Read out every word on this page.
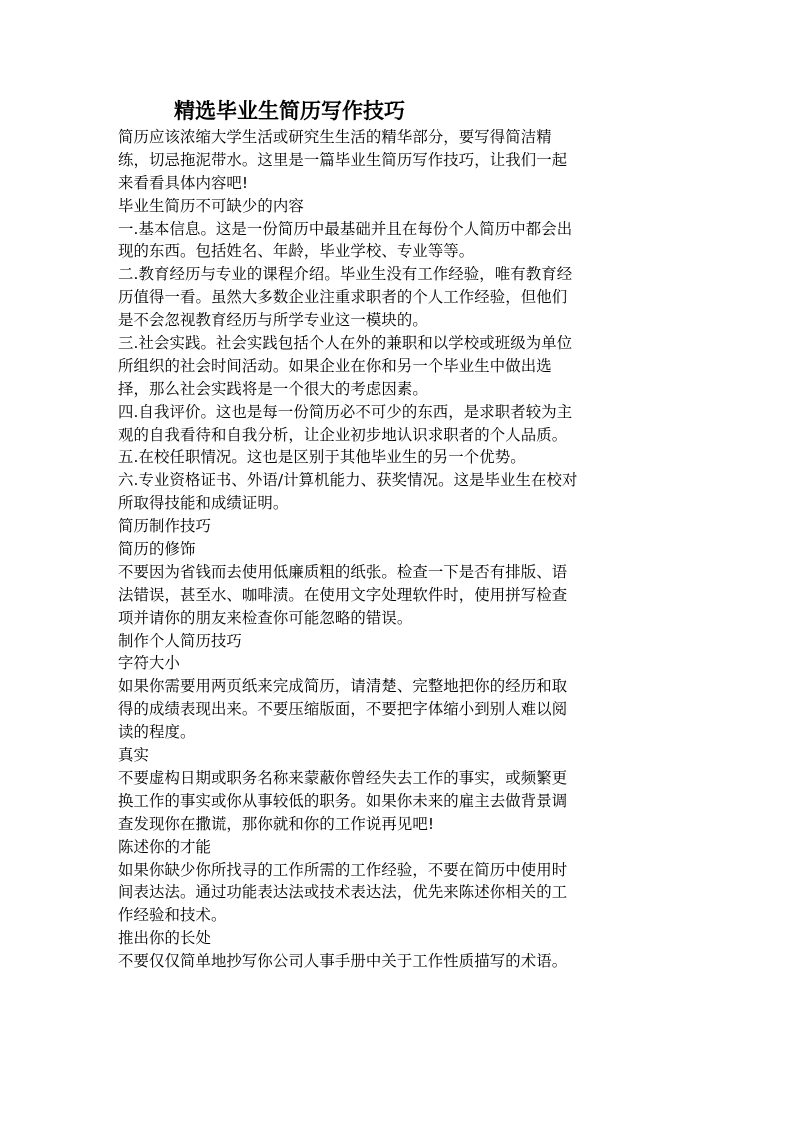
精选毕业生简历写作技巧
简历应该浓缩大学生活或研究生生活的精华部分，要写得简洁精
练，切忌拖泥带水。这里是一篇毕业生简历写作技巧，让我们一起
来看看具体内容吧!
毕业生简历不可缺少的内容
一.基本信息。这是一份简历中最基础并且在每份个人简历中都会出
现的东西。包括姓名、年龄，毕业学校、专业等等。
二.教育经历与专业的课程介绍。毕业生没有工作经验，唯有教育经
历值得一看。虽然大多数企业注重求职者的个人工作经验，但他们
是不会忽视教育经历与所学专业这一模块的。
三.社会实践。社会实践包括个人在外的兼职和以学校或班级为单位
所组织的社会时间活动。如果企业在你和另一个毕业生中做出选
择，那么社会实践将是一个很大的考虑因素。
四.自我评价。这也是每一份简历必不可少的东西，是求职者较为主
观的自我看待和自我分析，让企业初步地认识求职者的个人品质。
五.在校任职情况。这也是区别于其他毕业生的另一个优势。
六.专业资格证书、外语/计算机能力、获奖情况。这是毕业生在校对
所取得技能和成绩证明。
简历制作技巧
简历的修饰
不要因为省钱而去使用低廉质粗的纸张。检查一下是否有排版、语
法错误，甚至水、咖啡渍。在使用文字处理软件时，使用拼写检查
项并请你的朋友来检查你可能忽略的错误。
制作个人简历技巧
字符大小
如果你需要用两页纸来完成简历，请清楚、完整地把你的经历和取
得的成绩表现出来。不要压缩版面，不要把字体缩小到别人难以阅
读的程度。
真实
不要虚构日期或职务名称来蒙蔽你曾经失去工作的事实，或频繁更
换工作的事实或你从事较低的职务。如果你未来的雇主去做背景调
查发现你在撒谎，那你就和你的工作说再见吧!
陈述你的才能
如果你缺少你所找寻的工作所需的工作经验，不要在简历中使用时
间表达法。通过功能表达法或技术表达法，优先来陈述你相关的工
作经验和技术。
推出你的长处
不要仅仅简单地抄写你公司人事手册中关于工作性质描写的术语。
